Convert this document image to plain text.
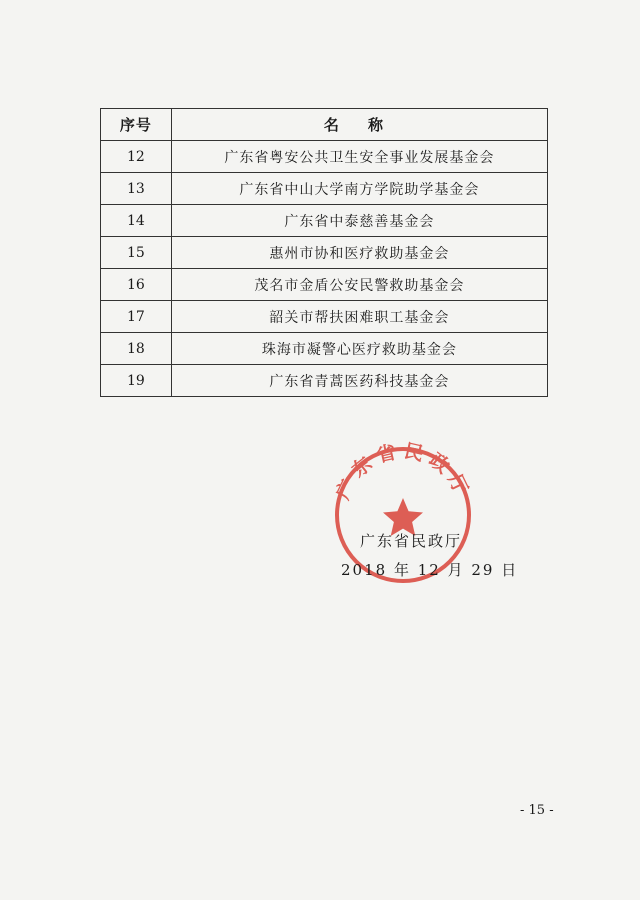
序号	名 称
12	广东省粤安公共卫生安全事业发展基金会
13	广东省中山大学南方学院助学基金会
14	广东省中泰慈善基金会
15	惠州市协和医疗救助基金会
16	茂名市金盾公安民警救助基金会
17	韶关市帮扶困难职工基金会
18	珠海市凝警心医疗救助基金会
19	广东省青蒿医药科技基金会
广东省民政厅
广东省民政厅
2018 年 12 月 29 日
- 15 -
